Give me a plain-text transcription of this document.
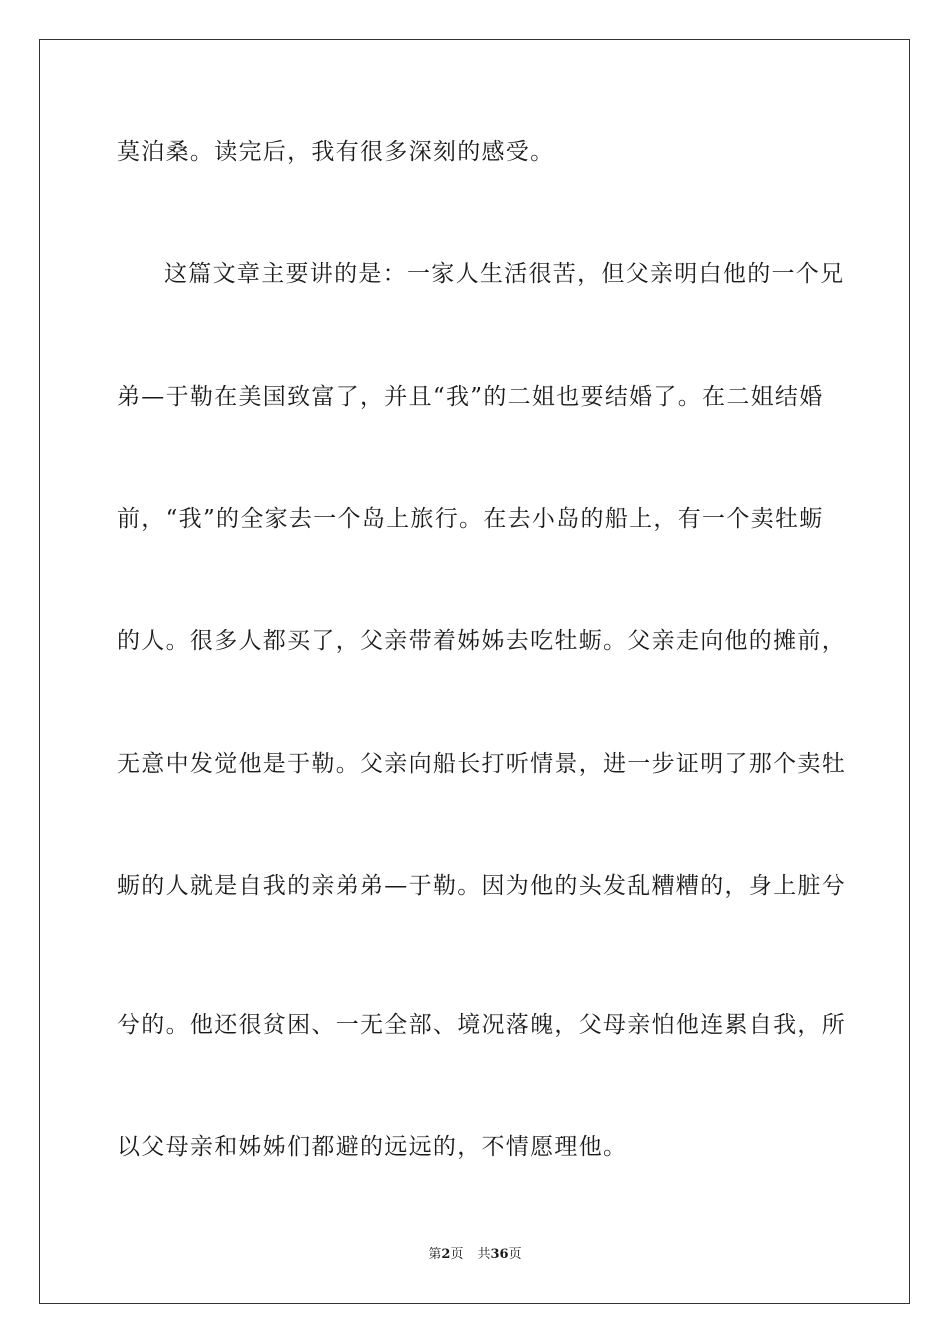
莫泊桑。读完后，我有很多深刻的感受。
这篇文章主要讲的是：一家人生活很苦，但父亲明白他的一个兄
弟—于勒在美国致富了，并且“我”的二姐也要结婚了。在二姐结婚
前，“我”的全家去一个岛上旅行。在去小岛的船上，有一个卖牡蛎
的人。很多人都买了，父亲带着姊姊去吃牡蛎。父亲走向他的摊前，
无意中发觉他是于勒。父亲向船长打听情景，进一步证明了那个卖牡
蛎的人就是自我的亲弟弟—于勒。因为他的头发乱糟糟的，身上脏兮
兮的。他还很贫困、一无全部、境况落魄，父母亲怕他连累自我，所
以父母亲和姊姊们都避的远远的，不情愿理他。
第2页 共36页
